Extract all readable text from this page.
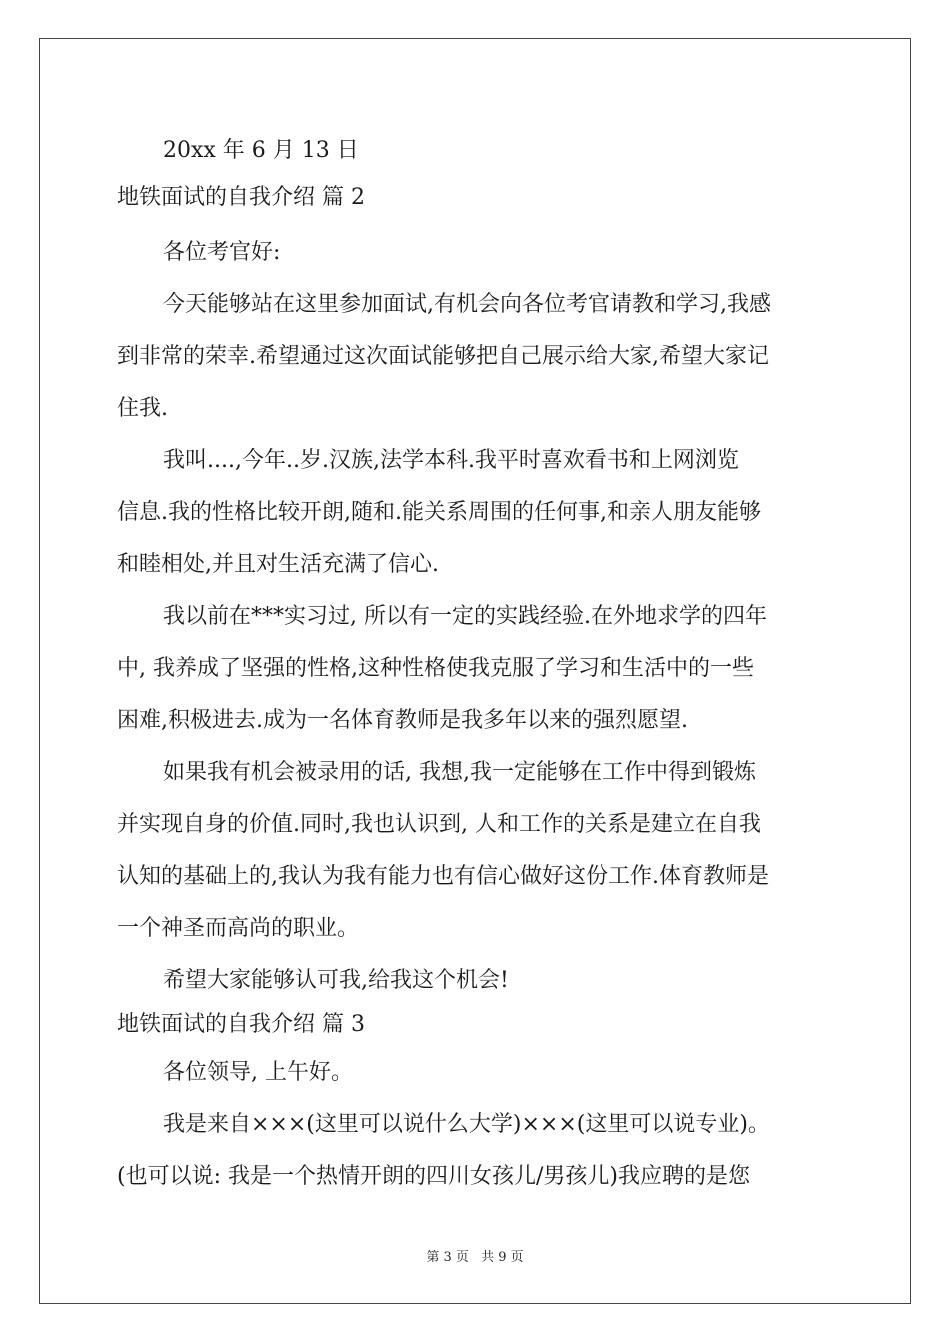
20xx 年 6 月 13 日
地铁面试的自我介绍 篇 2
各位考官好:
今天能够站在这里参加面试,有机会向各位考官请教和学习,我感
到非常的荣幸.希望通过这次面试能够把自己展示给大家,希望大家记
住我.
我叫....,今年..岁.汉族,法学本科.我平时喜欢看书和上网浏览
信息.我的性格比较开朗,随和.能关系周围的任何事,和亲人朋友能够
和睦相处,并且对生活充满了信心.
我以前在***实习过, 所以有一定的实践经验.在外地求学的四年
中, 我养成了坚强的性格,这种性格使我克服了学习和生活中的一些
困难,积极进去.成为一名体育教师是我多年以来的强烈愿望.
如果我有机会被录用的话, 我想,我一定能够在工作中得到锻炼
并实现自身的价值.同时,我也认识到, 人和工作的关系是建立在自我
认知的基础上的,我认为我有能力也有信心做好这份工作.体育教师是
一个神圣而高尚的职业。
希望大家能够认可我,给我这个机会!
地铁面试的自我介绍 篇 3
各位领导, 上午好。
我是来自×××(这里可以说什么大学)×××(这里可以说专业)。
(也可以说: 我是一个热情开朗的四川女孩儿/男孩儿)我应聘的是您
第 3 页 共 9 页
